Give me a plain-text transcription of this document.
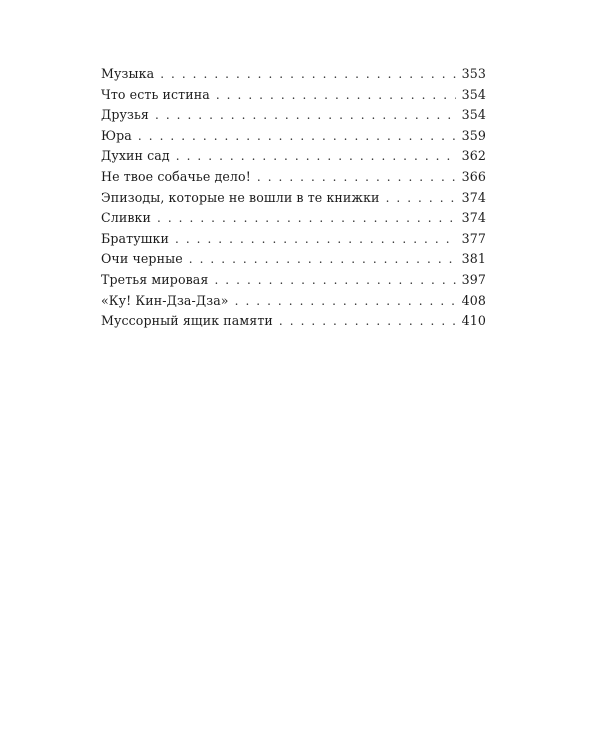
Музыка . . .	353
Что есть истина . . .	354
Друзья . . .	354
Юра . . .	359
Духин сад . . .	362
Не твое собачье дело! . . .	366
Эпизоды, которые не вошли в те книжки . . .	374
Сливки . . .	374
Братушки . . .	377
Очи черные . . .	381
Третья мировая . . .	397
«Ку! Кин-Дза-Дза» . . .	408
Муссорный ящик памяти . . .	410
